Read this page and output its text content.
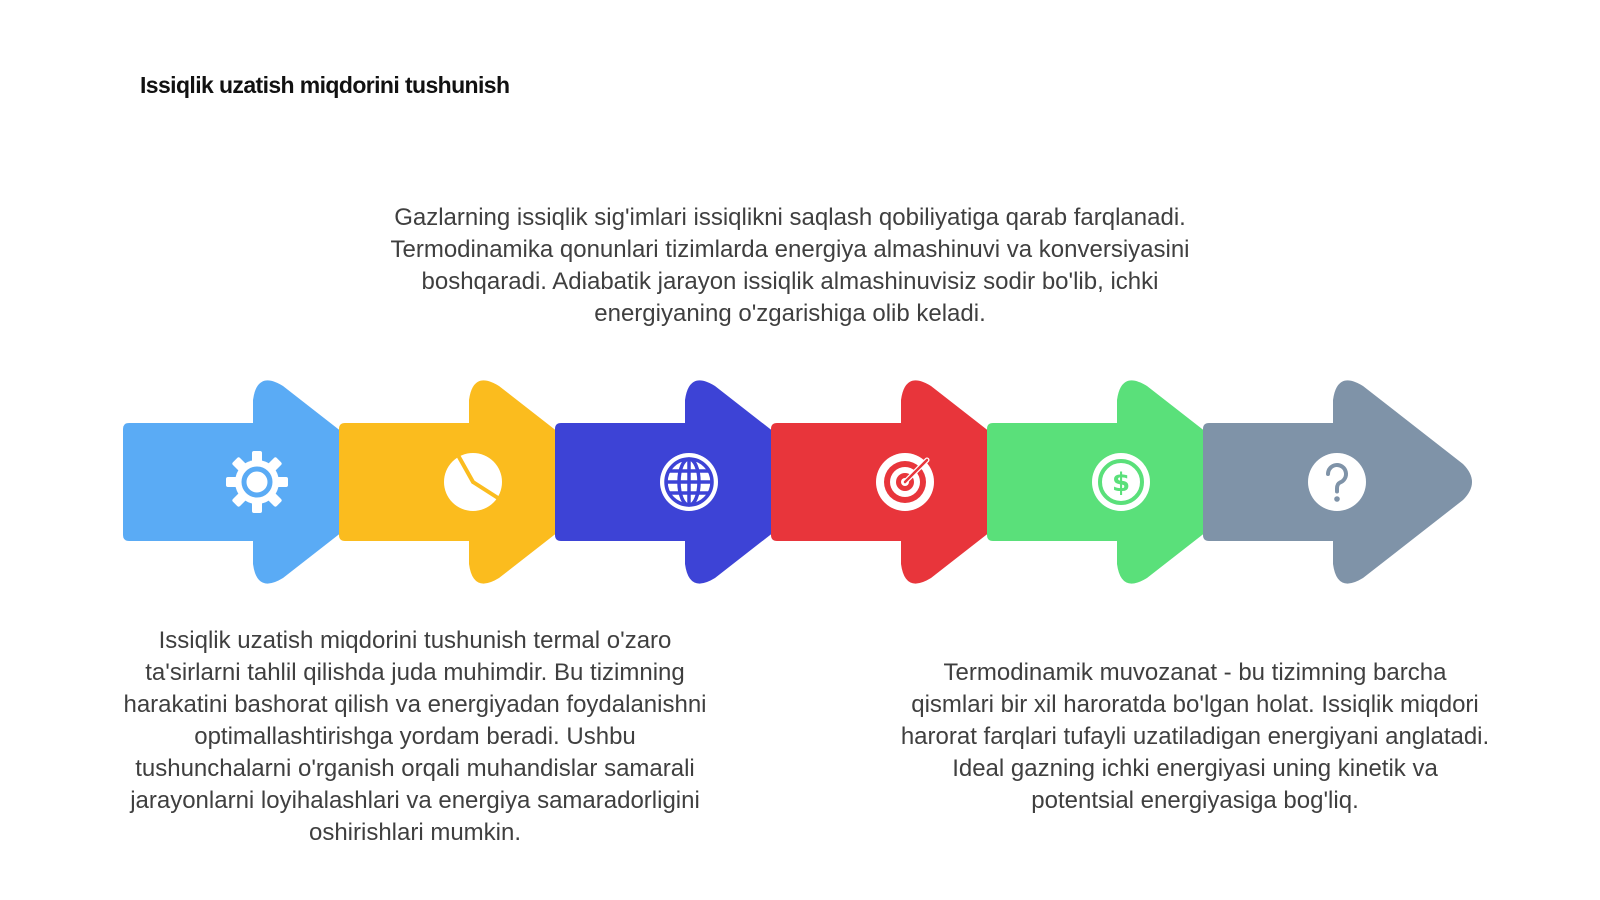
Issiqlik uzatish miqdorini tushunish
Gazlarning issiqlik sig'imlari issiqlikni saqlash qobiliyatiga qarab farqlanadi. Termodinamika qonunlari tizimlarda energiya almashinuvi va konversiyasini boshqaradi. Adiabatik jarayon issiqlik almashinuvisiz sodir bo'lib, ichki energiyaning o'zgarishiga olib keladi.
$
Issiqlik uzatish miqdorini tushunish termal o'zaro ta'sirlarni tahlil qilishda juda muhimdir. Bu tizimning harakatini bashorat qilish va energiyadan foydalanishni optimallashtirishga yordam beradi. Ushbu tushunchalarni o'rganish orqali muhandislar samarali jarayonlarni loyihalashlari va energiya samaradorligini oshirishlari mumkin.
Termodinamik muvozanat - bu tizimning barcha qismlari bir xil haroratda bo'lgan holat. Issiqlik miqdori harorat farqlari tufayli uzatiladigan energiyani anglatadi. Ideal gazning ichki energiyasi uning kinetik va potentsial energiyasiga bog'liq.
